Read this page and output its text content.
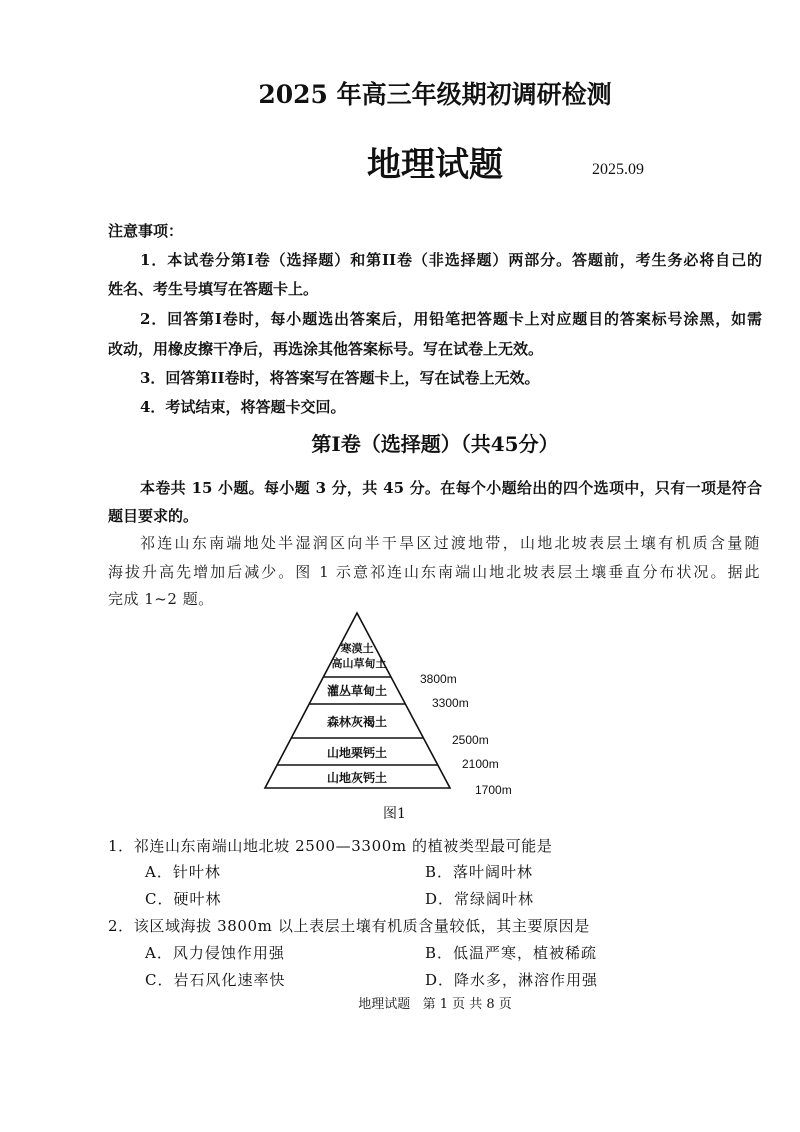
2025 年高三年级期初调研检测
地理试题	2025.09
注意事项：
1．本试卷分第I卷（选择题）和第II卷（非选择题）两部分。答题前，考生务必将自己的
姓名、考生号填写在答题卡上。
2．回答第I卷时，每小题选出答案后，用铅笔把答题卡上对应题目的答案标号涂黑，如需
改动，用橡皮擦干净后，再选涂其他答案标号。写在试卷上无效。
3．回答第II卷时，将答案写在答题卡上，写在试卷上无效。
4．考试结束，将答题卡交回。
第I卷（选择题）（共45分）
本卷共 15 小题。每小题 3 分，共 45 分。在每个小题给出的四个选项中，只有一项是符合
题目要求的。
祁连山东南端地处半湿润区向半干旱区过渡地带，山地北坡表层土壤有机质含量随
海拔升高先增加后减少。图 1 示意祁连山东南端山地北坡表层土壤垂直分布状况。据此
完成 1~2 题。
寒漠土
高山草甸土
灌丛草甸土
森林灰褐土
山地栗钙土
山地灰钙土
3800m
3300m
2500m
2100m
1700m
图1
1．祁连山东南端山地北坡 2500—3300m 的植被类型最可能是
A．针叶林	B．落叶阔叶林
C．硬叶林	D．常绿阔叶林
2．该区域海拔 3800m 以上表层土壤有机质含量较低，其主要原因是
A．风力侵蚀作用强	B．低温严寒，植被稀疏
C．岩石风化速率快	D．降水多，淋溶作用强
地理试题   第 1 页 共 8 页
